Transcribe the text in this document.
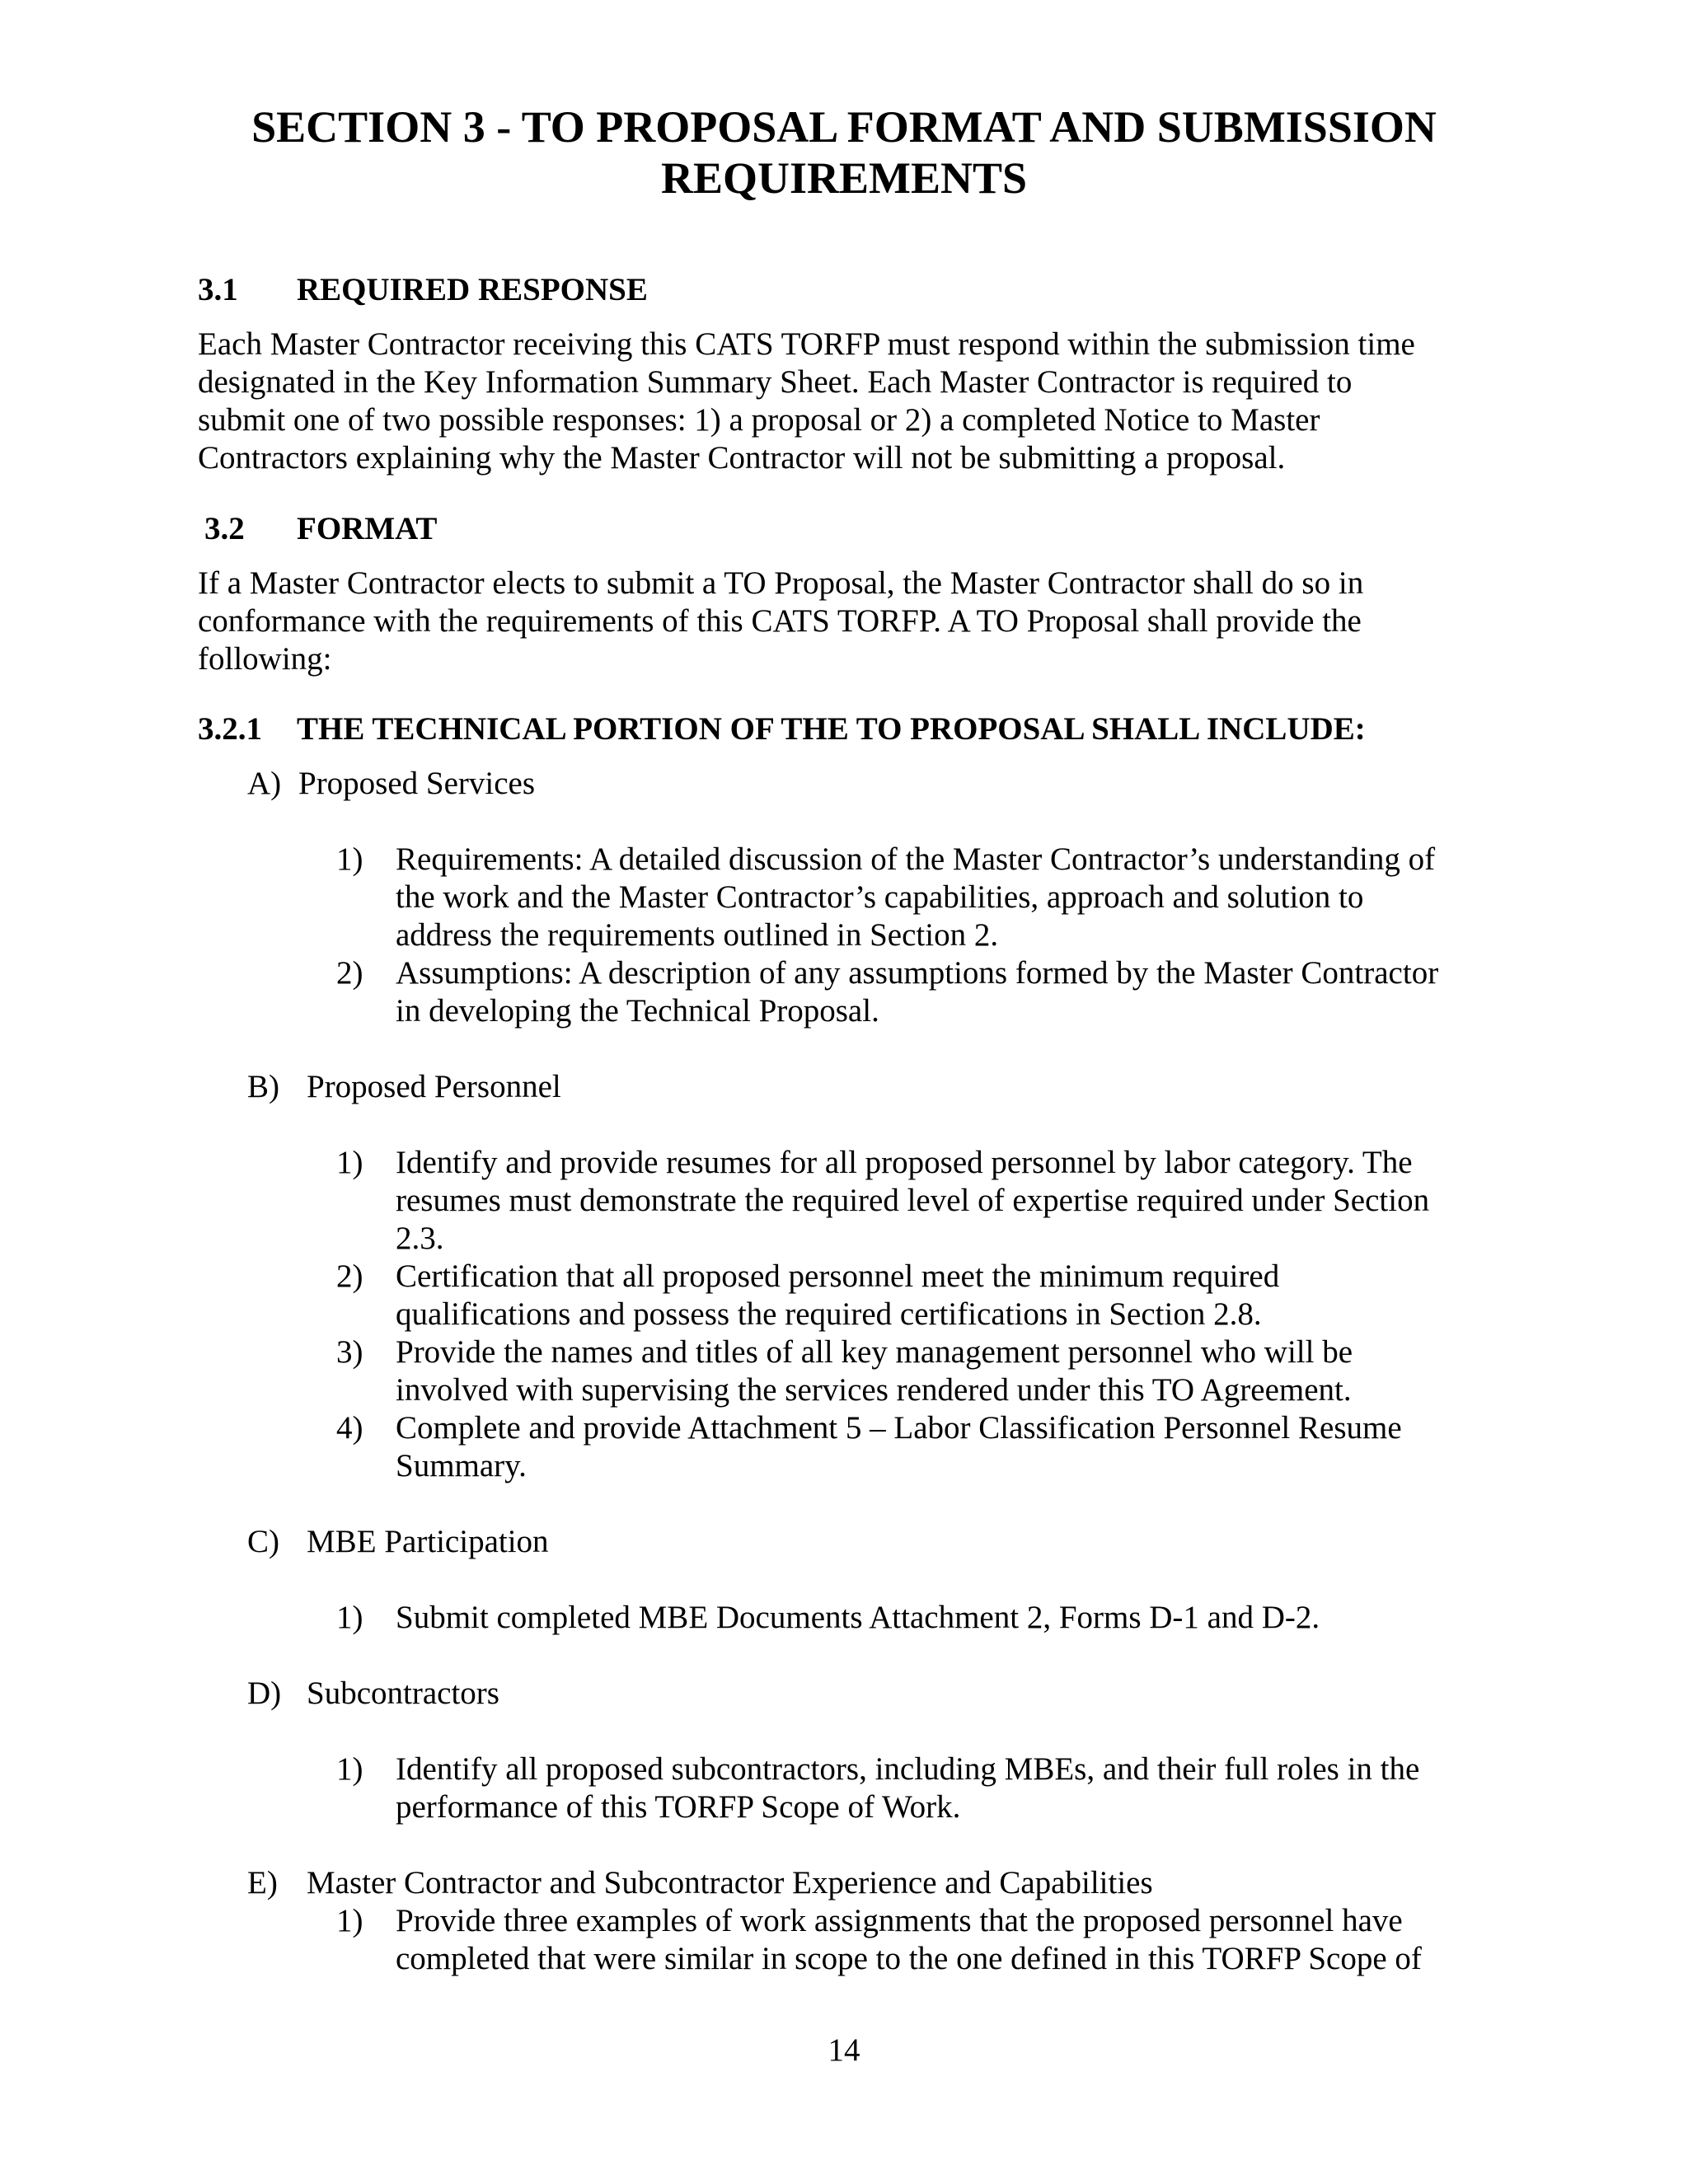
SECTION 3 - TO PROPOSAL FORMAT AND SUBMISSION
REQUIREMENTS
3.1 REQUIRED RESPONSE

Each Master Contractor receiving this CATS TORFP must respond within the submission time

designated in the Key Information Summary Sheet. Each Master Contractor is required to

submit one of two possible responses: 1) a proposal or 2) a completed Notice to Master

Contractors explaining why the Master Contractor will not be submitting a proposal.

3.2 FORMAT

If a Master Contractor elects to submit a TO Proposal, the Master Contractor shall do so in

conformance with the requirements of this CATS TORFP. A TO Proposal shall provide the

following:

3.2.1 THE TECHNICAL PORTION OF THE TO PROPOSAL SHALL INCLUDE:
A) Proposed Services
1) Requirements: A detailed discussion of the Master Contractor’s understanding of

the work and the Master Contractor’s capabilities, approach and solution to

address the requirements outlined in Section 2.

2) Assumptions: A description of any assumptions formed by the Master Contractor

in developing the Technical Proposal.

B) Proposed Personnel
1) Identify and provide resumes for all proposed personnel by labor category. The

resumes must demonstrate the required level of expertise required under Section

2.3.

2) Certification that all proposed personnel meet the minimum required

qualifications and possess the required certifications in Section 2.8.

3) Provide the names and titles of all key management personnel who will be

involved with supervising the services rendered under this TO Agreement.

4) Complete and provide Attachment 5 – Labor Classification Personnel Resume

Summary.

C) MBE Participation
1) Submit completed MBE Documents Attachment 2, Forms D-1 and D-2.

D) Subcontractors
1) Identify all proposed subcontractors, including MBEs, and their full roles in the

performance of this TORFP Scope of Work.

E) Master Contractor and Subcontractor Experience and Capabilities
1) Provide three examples of work assignments that the proposed personnel have

completed that were similar in scope to the one defined in this TORFP Scope of

14
